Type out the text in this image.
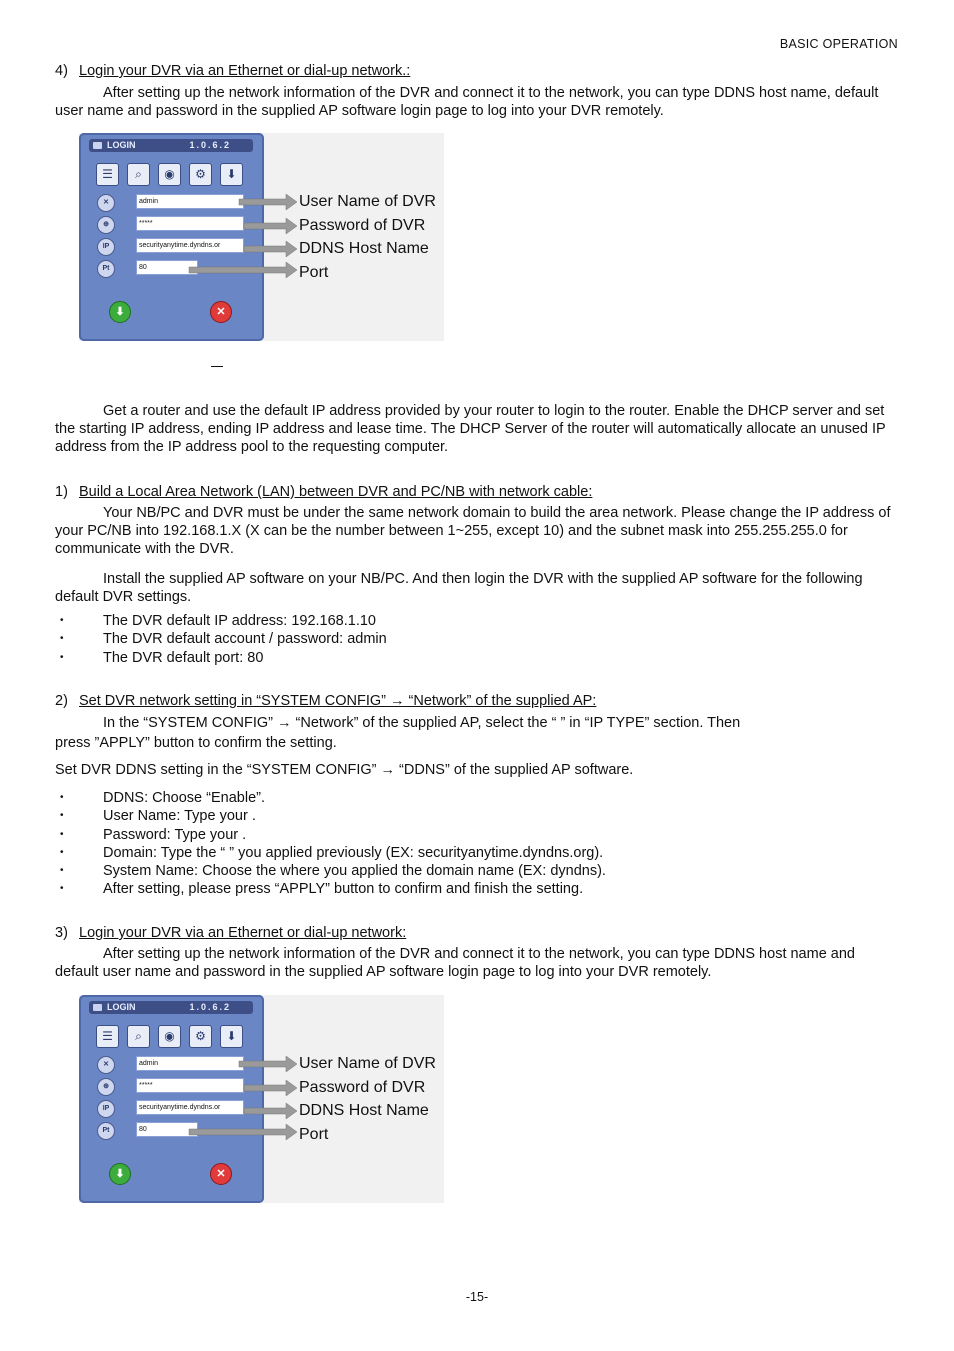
BASIC OPERATION
4) Login your DVR via an Ethernet or dial-up network.:
After setting up the network information of the DVR and connect it to the network, you can type DDNS host name, default user name and password in the supplied AP software login page to log into your DVR remotely.
LOGIN	1.0.6.2
☰	⌕	◉	⚙	⬇
✕	admin
⊕	*****
IP	securityanytime.dyndns.or
Pt	80
⬇	✕
User Name of DVR
Password of DVR
DDNS Host Name
Port
Get a router and use the default IP address provided by your router to login to the router. Enable the DHCP server and set the starting IP address, ending IP address and lease time. The DHCP Server of the router will automatically allocate an unused IP address from the IP address pool to the requesting computer.
1) Build a Local Area Network (LAN) between DVR and PC/NB with network cable:
Your NB/PC and DVR must be under the same network domain to build the area network. Please change the IP address of your PC/NB into 192.168.1.X (X can be the number between 1~255, except 10) and the subnet mask into 255.255.255.0 for communicate with the DVR.
Install the supplied AP software on your NB/PC. And then login the DVR with the supplied AP software for the following default DVR settings.
•	The DVR default IP address: 192.168.1.10
•	The DVR default account / password: admin
•	The DVR default port: 80
2) Set DVR network setting in “SYSTEM CONFIG” → “Network” of the supplied AP:
In the “SYSTEM CONFIG” → “Network” of the supplied AP, select the “ ” in “IP TYPE” section. Then
press ”APPLY” button to confirm the setting.
Set DVR DDNS setting in the “SYSTEM CONFIG” → “DDNS” of the supplied AP software.
•	DDNS: Choose “Enable”.
•	User Name: Type your .
•	Password: Type your .
•	Domain: Type the “ ” you applied previously (EX: securityanytime.dyndns.org).
•	System Name: Choose the where you applied the domain name (EX: dyndns).
•	After setting, please press “APPLY” button to confirm and finish the setting.
3) Login your DVR via an Ethernet or dial-up network:
After setting up the network information of the DVR and connect it to the network, you can type DDNS host name and default user name and password in the supplied AP software login page to log into your DVR remotely.
LOGIN	1.0.6.2
☰	⌕	◉	⚙	⬇
✕	admin
⊕	*****
IP	securityanytime.dyndns.or
Pt	80
⬇	✕
User Name of DVR
Password of DVR
DDNS Host Name
Port
-15-
